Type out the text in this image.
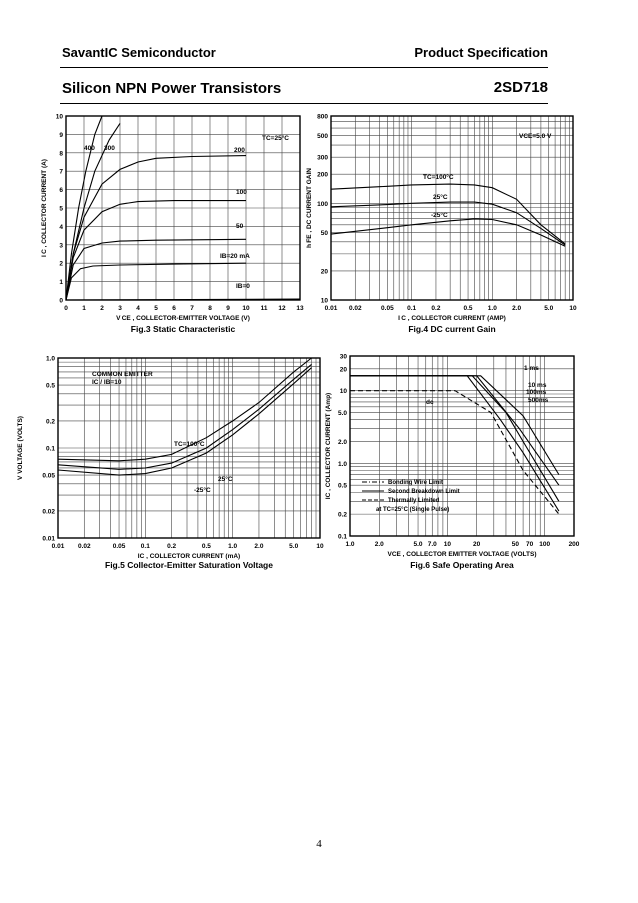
SavantIC Semiconductor	Product Specification
Silicon NPN Power Transistors	2SD718
0 1 2 3 4 5 6 7 8 9 10 11 12 13
0
1
2
3
4
5
6
7
8
9
10
V CE , COLLECTOR-EMITTER VOLTAGE (V)
I C , COLLECTOR CURRENT (A)
Fig.3 Static Characteristic
400 300	200
100
50
IB=20 mA
IB=0
TC=25°C
0.01 0.02	0.05 0.1 0.2	0.5 1.0 2.0	5.0 10
10
20
50
100
200
300
500
800
I C , COLLECTOR CURRENT (AMP)
h FE , DC CURRENT GAIN
Fig.4 DC current Gain
TC=100°C
25°C
-25°C
VCE=5.0 V
0.01 0.02	0.05 0.1	0.2	0.5	1.0	2.0	5.0	10
0.01
0.02
0.05
0.1
0.2
0.5
1.0
IC , COLLECTOR CURRENT (mA)
V VOLTAGE (VOLTS)
Fig.5 Collector-Emitter Saturation Voltage
COMMON EMITTER
IC / IB=10
TC=100°C
25°C
-25°C
1.0	2.0	5.0 7.0 10	20	50 70 100	200
0.1
0.2
0.5
1.0
2.0
5.0
10
20
30
VCE , COLLECTOR EMITTER VOLTAGE (VOLTS)
IC , COLLECTOR CURRENT (Amp)
Fig.6 Safe Operating Area
1 ms
10 ms
100ms
500ms
dc
Bonding Wire Limit
Second Breakdown Limit
Thermally Limited
at TC=25°C (Single Pulse)
4
